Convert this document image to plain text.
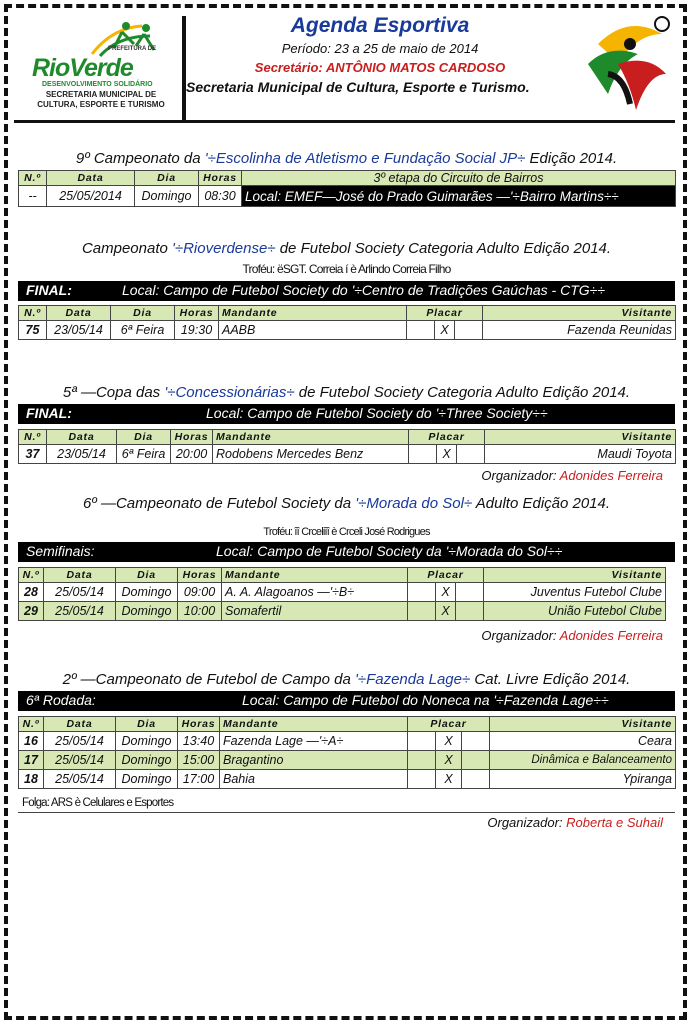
PREFEITURA DE
RioVerde
DESENVOLVIMENTO SOLIDÁRIO
SECRETARIA MUNICIPAL DE CULTURA, ESPORTE E TURISMO
Agenda Esportiva
Período: 23 a 25 de maio de 2014
Secretário: ANTÔNIO MATOS CARDOSO
Secretaria Municipal de Cultura, Esporte e Turismo.
9º Campeonato da '÷Escolinha de Atletismo e Fundação Social JP÷ Edição 2014.
N.º	Data	Dia	Horas	3º etapa do Circuito de Bairros
--	25/05/2014	Domingo	08:30	Local: EMEF—José do Prado Guimarães —'÷Bairro Martins÷÷
Campeonato '÷Rioverdense÷ de Futebol Society Categoria Adulto Edição 2014.
Troféu: ëSGT. Correia í è Arlindo Correia Filho
FINAL:	Local: Campo de Futebol Society do '÷Centro de Tradições Gaúchas - CTG÷÷
N.º	Data	Dia	Horas	Mandante	Placar			Visitante
75	23/05/14	6ª Feira	19:30	AABB		X		Fazenda Reunidas
5ª —Copa das '÷Concessionárias÷ de Futebol Society Categoria Adulto Edição 2014.
FINAL:	Local: Campo de Futebol Society do '÷Three Society÷÷
N.º	Data	Dia	Horas	Mandante	Placar			Visitante
37	23/05/14	6ª Feira	20:00	Rodobens Mercedes Benz		X		Maudi Toyota
Organizador: Adonides Ferreira
6º —Campeonato de Futebol Society da '÷Morada do Sol÷ Adulto Edição 2014.
Troféu: îî Crceliîî è Crceli José Rodrigues
Semifinais:	Local: Campo de Futebol Society da '÷Morada do Sol÷÷
N.º	Data	Dia	Horas	Mandante	Placar			Visitante
28	25/05/14	Domingo	09:00	A. A. Alagoanos —'÷B÷		X		Juventus Futebol Clube
29	25/05/14	Domingo	10:00	Somafertil		X		União Futebol Clube
Organizador: Adonides Ferreira
2º —Campeonato de Futebol de Campo da '÷Fazenda Lage÷ Cat. Livre Edição 2014.
6ª Rodada:	Local: Campo de Futebol do Noneca na '÷Fazenda Lage÷÷
N.º	Data	Dia	Horas	Mandante	Placar			Visitante
16	25/05/14	Domingo	13:40	Fazenda Lage —'÷A÷		X		Ceara
17	25/05/14	Domingo	15:00	Bragantino		X		Dinâmica e Balanceamento
18	25/05/14	Domingo	17:00	Bahia		X		Ypiranga
Folga: ARS è Celulares e Esportes
Organizador: Roberta e Suhail
